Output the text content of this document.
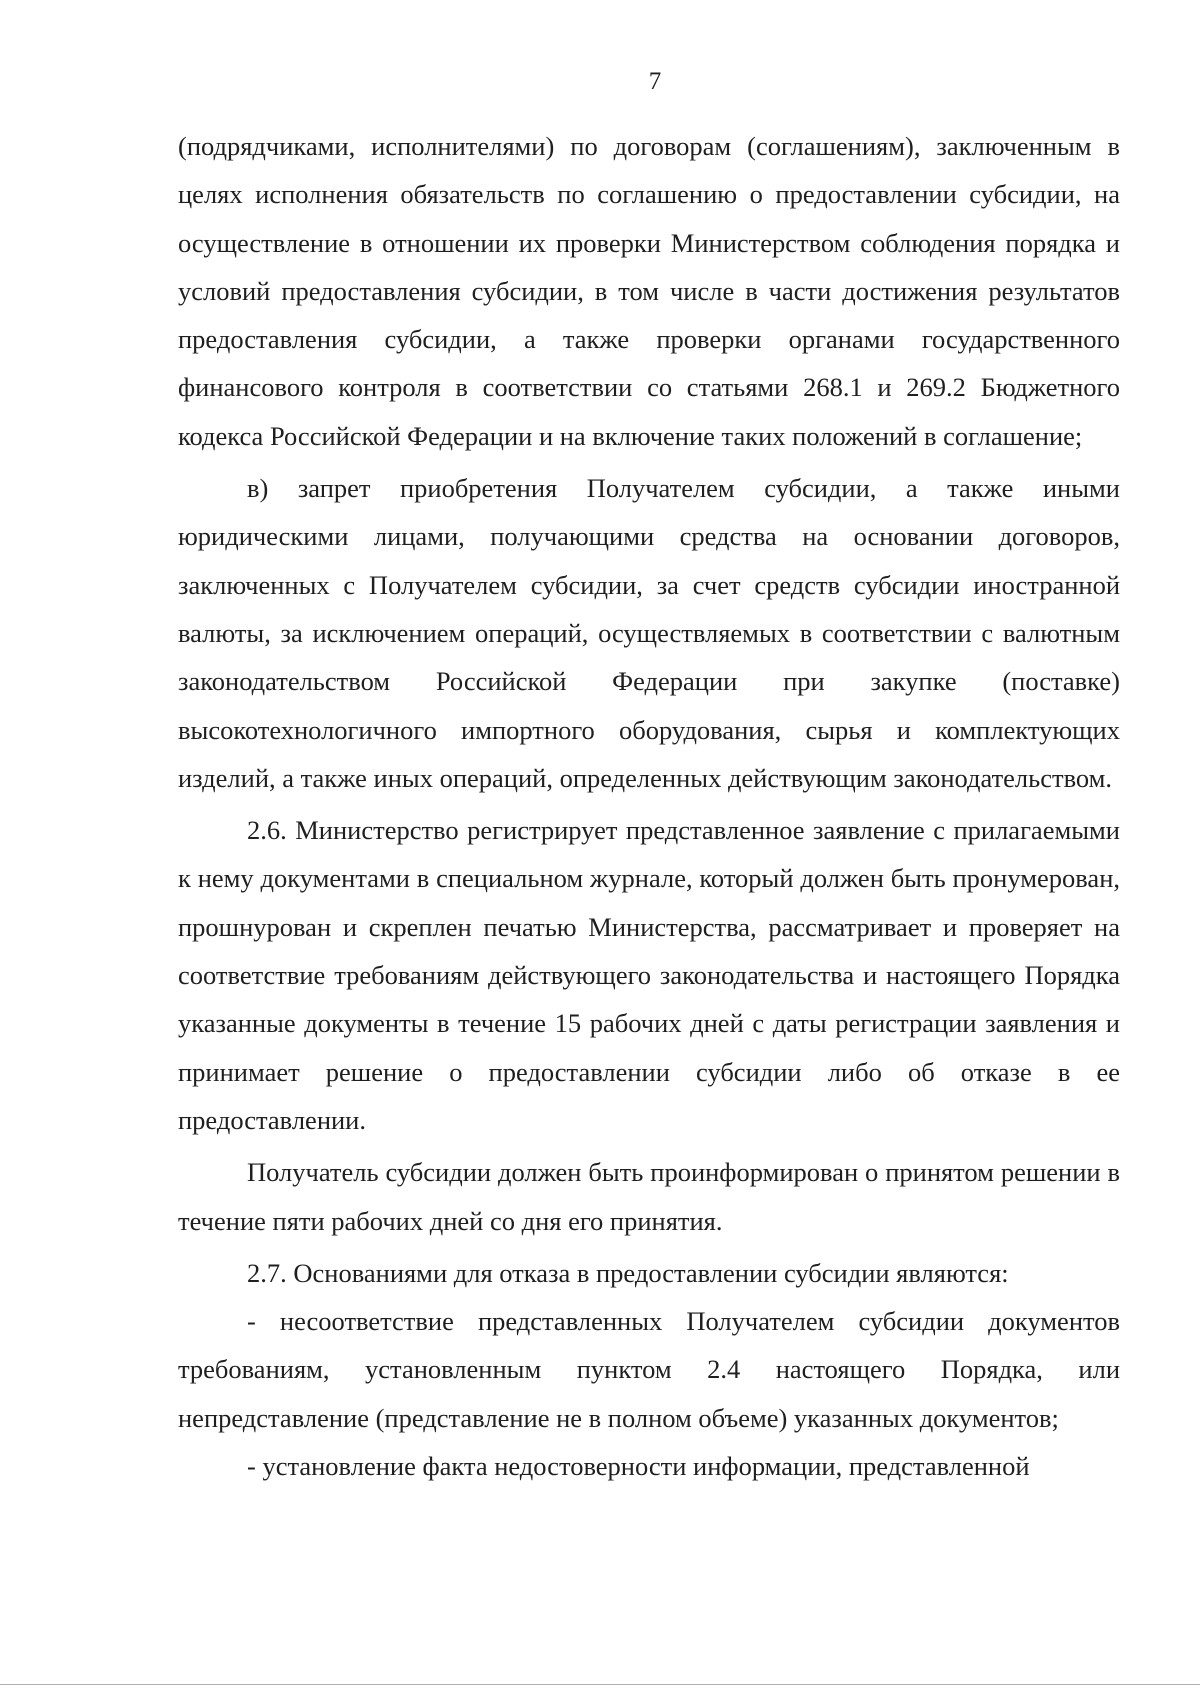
7

(подрядчиками, исполнителями) по договорам (соглашениям), заключенным в целях исполнения обязательств по соглашению о предоставлении субсидии, на осуществление в отношении их проверки Министерством соблюдения порядка и условий предоставления субсидии, в том числе в части достижения результатов предоставления субсидии, а также проверки органами государственного финансового контроля в соответствии со статьями 268.1 и 269.2 Бюджетного кодекса Российской Федерации и на включение таких положений в соглашение;

в) запрет приобретения Получателем субсидии, а также иными юридическими лицами, получающими средства на основании договоров, заключенных с Получателем субсидии, за счет средств субсидии иностранной валюты, за исключением операций, осуществляемых в соответствии с валютным законодательством Российской Федерации при закупке (поставке) высокотехнологичного импортного оборудования, сырья и комплектующих изделий, а также иных операций, определенных действующим законодательством.

2.6. Министерство регистрирует представленное заявление с прилагаемыми к нему документами в специальном журнале, который должен быть пронумерован, прошнурован и скреплен печатью Министерства, рассматривает и проверяет на соответствие требованиям действующего законодательства и настоящего Порядка указанные документы в течение 15 рабочих дней с даты регистрации заявления и принимает решение о предоставлении субсидии либо об отказе в ее предоставлении.

Получатель субсидии должен быть проинформирован о принятом решении в течение пяти рабочих дней со дня его принятия.

2.7. Основаниями для отказа в предоставлении субсидии являются:

- несоответствие представленных Получателем субсидии документов требованиям, установленным пунктом 2.4 настоящего Порядка, или непредставление (представление не в полном объеме) указанных документов;

- установление факта недостоверности информации, представленной
